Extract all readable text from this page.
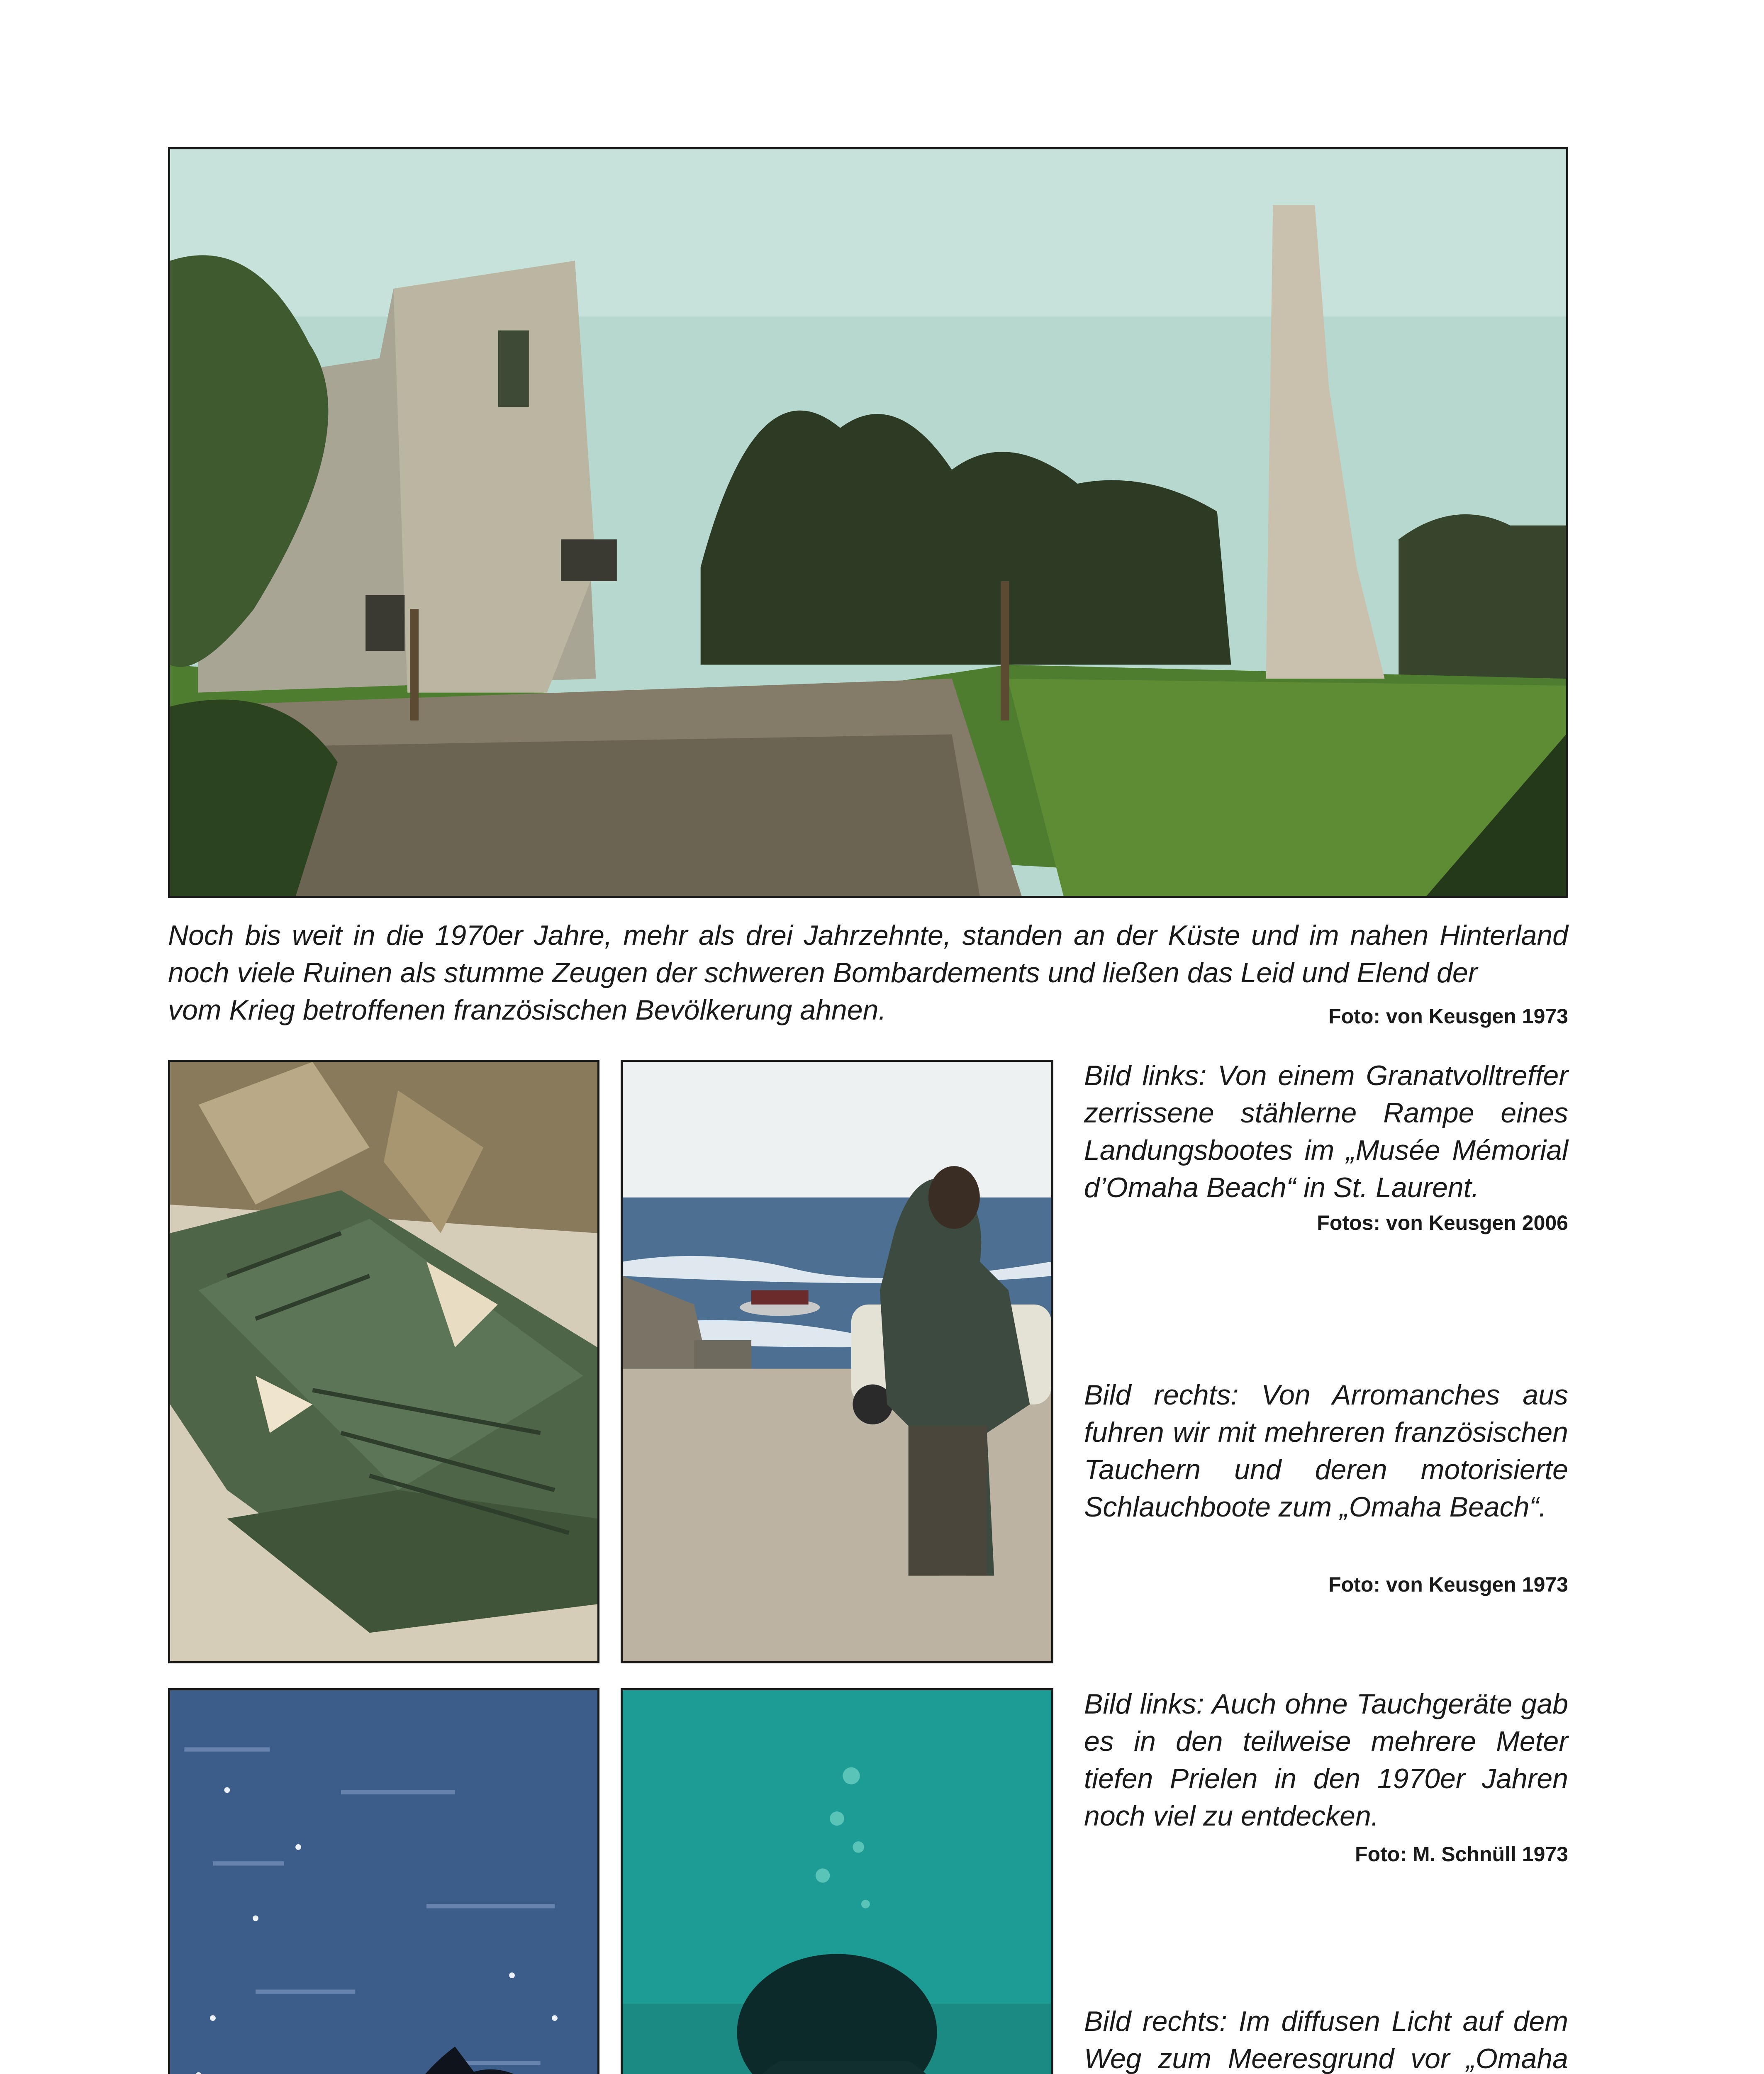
Noch bis weit in die 1970er Jahre, mehr als drei Jahrzehnte, standen an der Küste und im nahen Hinterland noch viele Ruinen als stumme Zeugen der schweren Bombardements und ließen das Leid und Elend der
vom Krieg betroffenen französischen Bevölkerung ahnen.	Foto: von Keusgen 1973

Bild links: Von einem Granatvolltreffer zerrissene stählerne Rampe eines Landungsbootes im „Musée Mémorial d’Omaha Beach“ in St. Laurent.

Fotos: von Keusgen 2006

Bild rechts: Von Arromanches aus fuhren wir mit mehreren französischen Tauchern und deren motorisierte Schlauchboote zum „Omaha Beach“.

Foto: von Keusgen 1973

Bild links: Auch ohne Tauchgeräte gab es in den teilweise mehrere Meter tiefen Prielen in den 1970er Jahren noch viel zu entdecken.

Foto: M. Schnüll 1973

Bild rechts: Im diffusen Licht auf dem Weg zum Meeresgrund vor „Omaha
